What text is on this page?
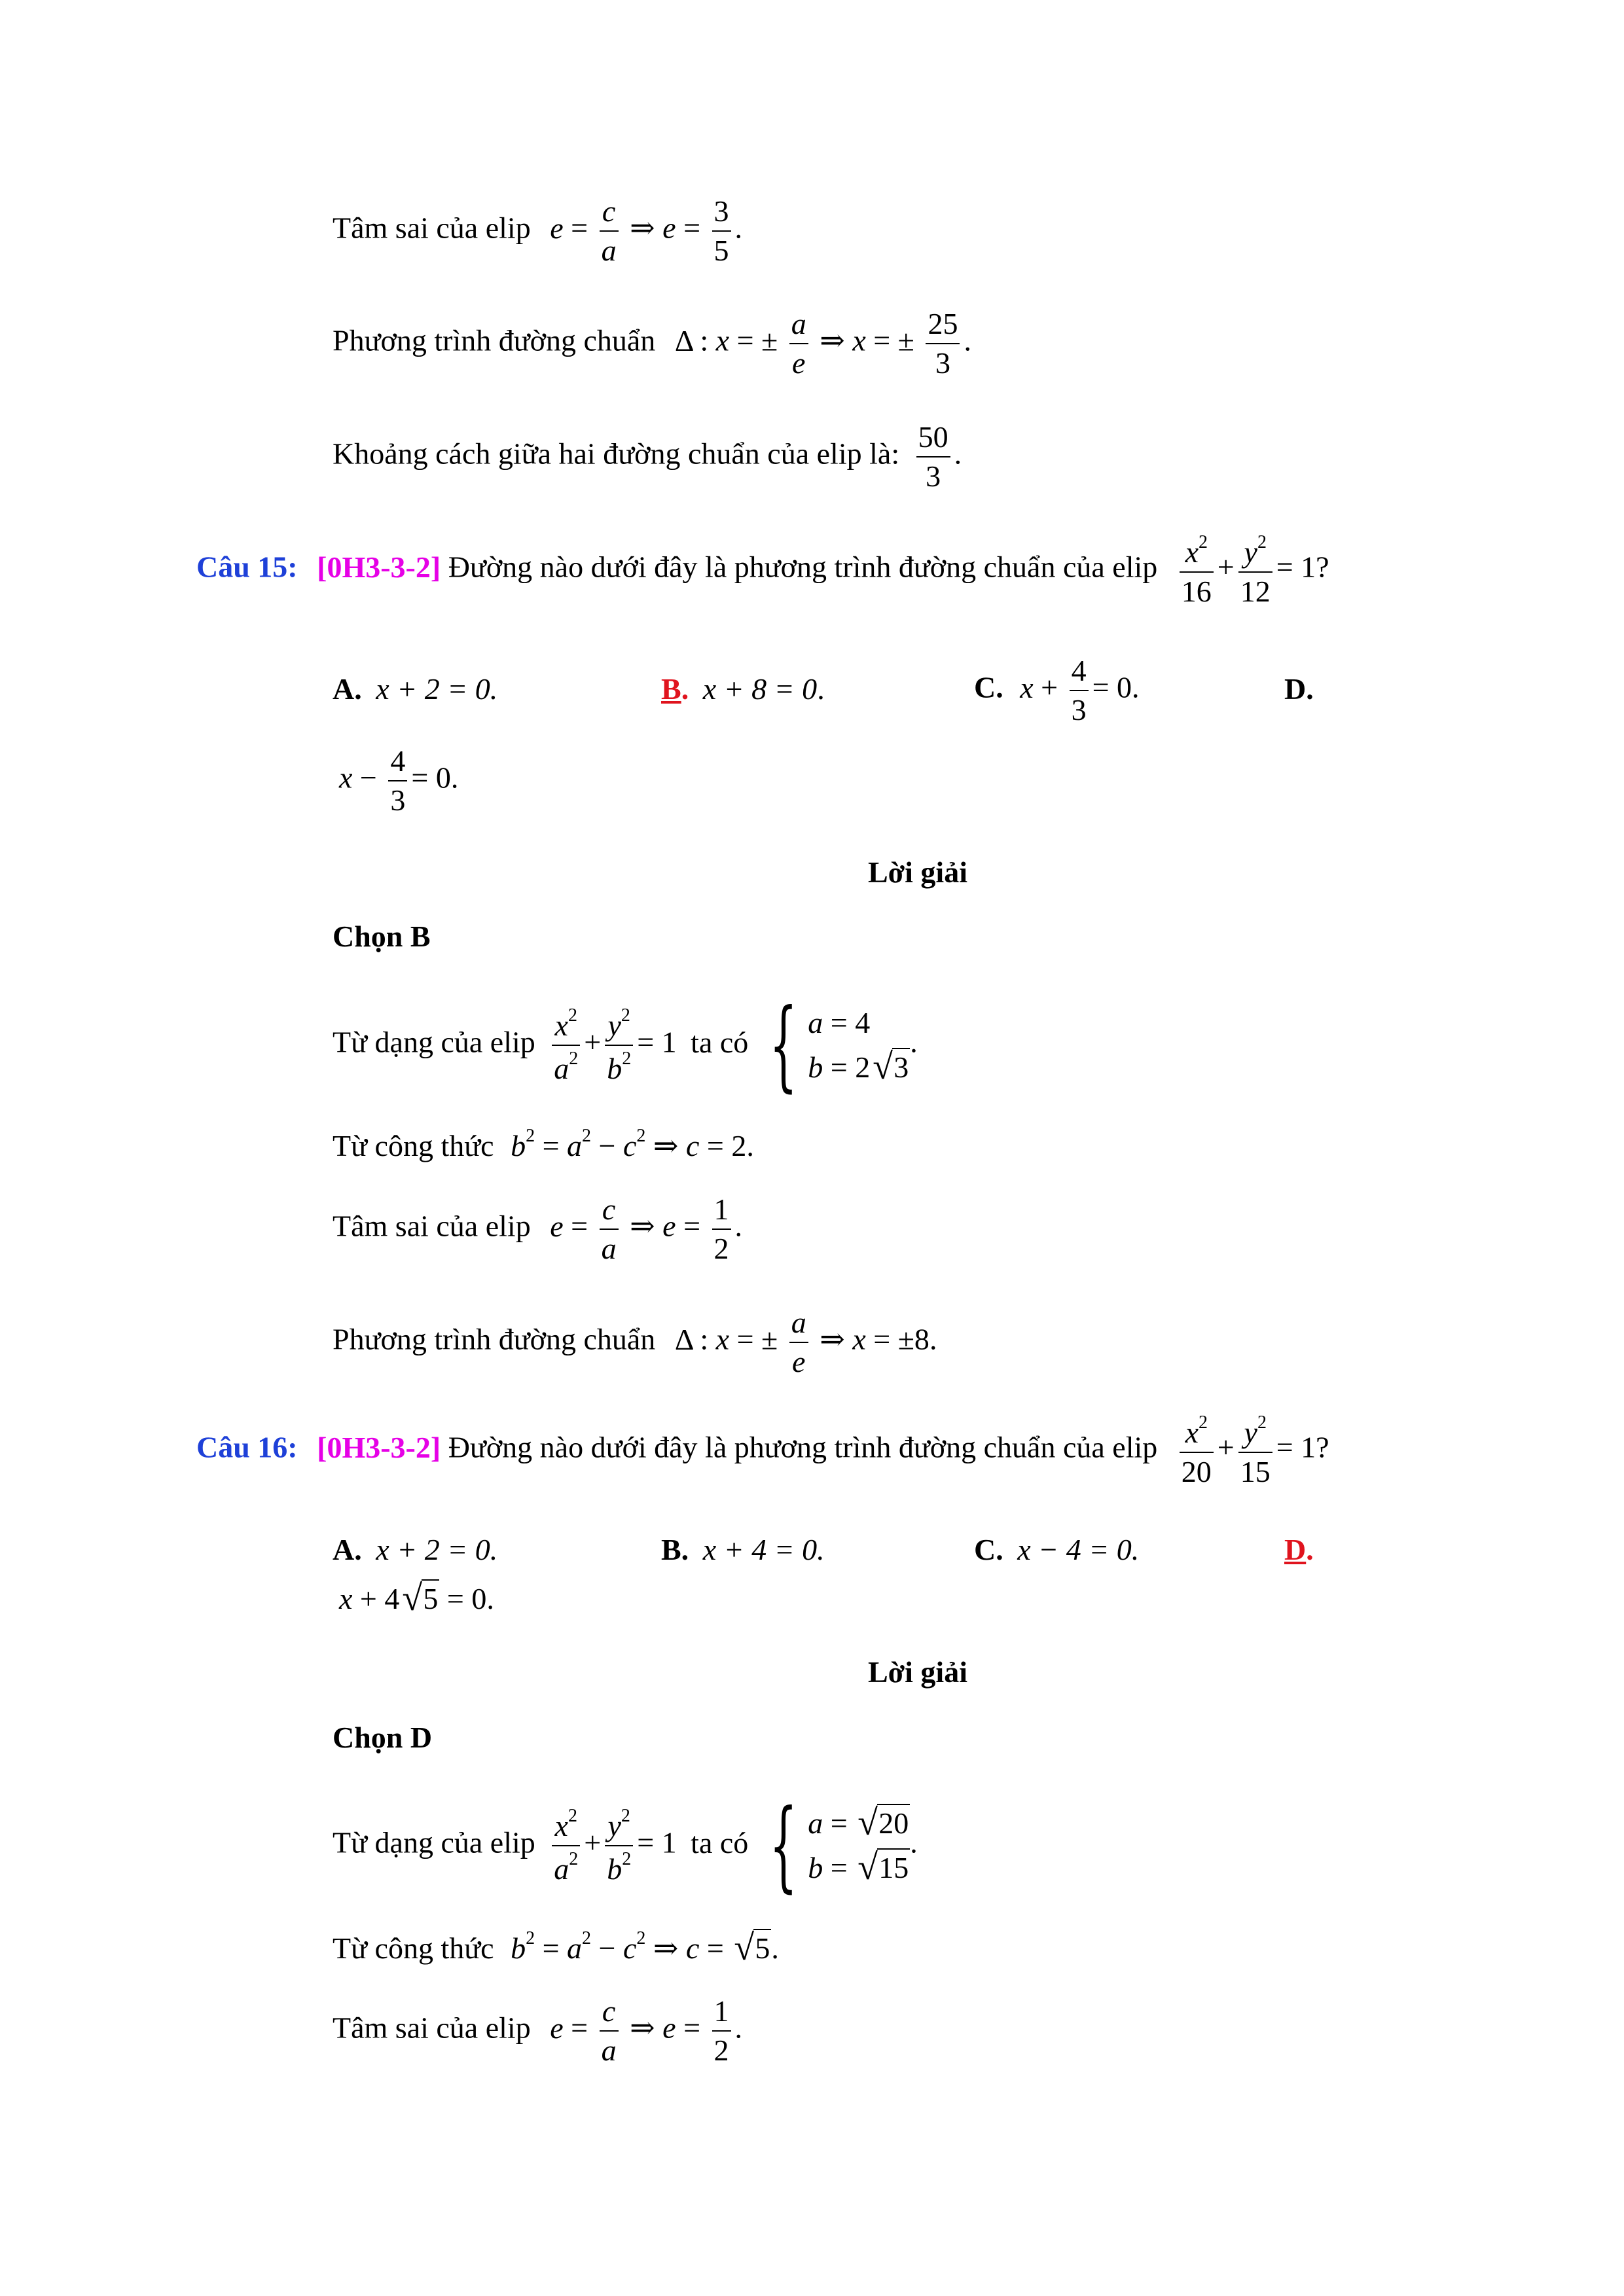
Tâm sai của elip $e = \frac{c}{a}$ ⇒ $e = \frac{3}{5}$ .
Phương trình đường chuẩn Δ : x = ± $\frac{a}{e}$ ⇒ x = ± $\frac{25}{3}$ .
Khoảng cách giữa hai đường chuẩn của elip là: $\frac{50}{3}$ .
Câu 15: [0H3-3-2] Đường nào dưới đây là phương trình đường chuẩn của elip $\frac{x^2}{16} + \frac{y^2}{12} = 1$?
A. x + 2 = 0.	B. x + 8 = 0.	C. $x + \frac{4}{3} = 0$.	D.
$x - \frac{4}{3} = 0$.
Lời giải
Chọn B
Từ dạng của elip $\frac{x^2}{a^2} + \frac{y^2}{b^2} = 1$ ta có { a = 4
b = 2 √ 3
.
Từ công thức $b^2 = a^2 - c^2$ ⇒ c = 2.
Tâm sai của elip $e = \frac{c}{a}$ ⇒ $e = \frac{1}{2}$ .
Phương trình đường chuẩn Δ : x = ± $\frac{a}{e}$ ⇒ x = ±8.
Câu 16: [0H3-3-2] Đường nào dưới đây là phương trình đường chuẩn của elip $\frac{x^2}{20} + \frac{y^2}{15} = 1$?
A. x + 2 = 0.	B. x + 4 = 0.	C. x − 4 = 0.	D.
x + 4 √ 5 = 0.
Lời giải
Chọn D
Từ dạng của elip $\frac{x^2}{a^2} + \frac{y^2}{b^2} = 1$ ta có { a = √ 20
b = √ 15
.
Từ công thức $b^2 = a^2 - c^2$ ⇒ c = √ 5.
Tâm sai của elip $e = \frac{c}{a}$ ⇒ $e = \frac{1}{2}$ .
